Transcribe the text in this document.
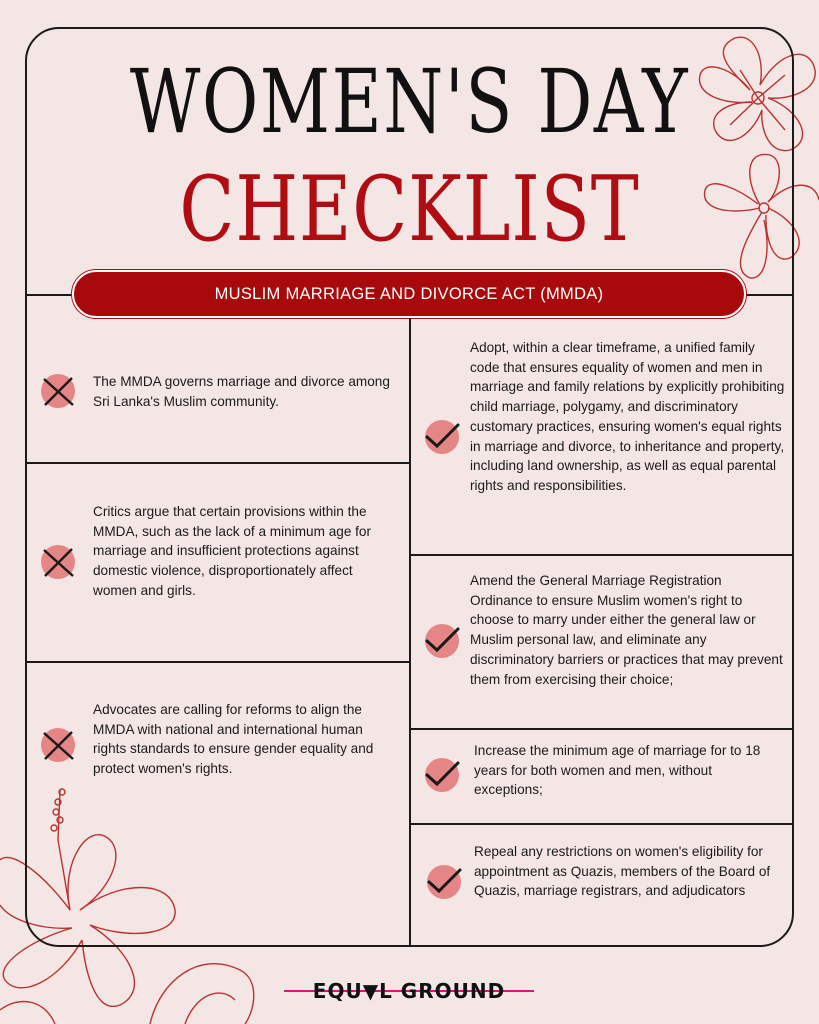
WOMEN'S DAY
CHECKLIST
MUSLIM MARRIAGE AND DIVORCE ACT (MMDA)
The MMDA governs marriage and divorce among Sri Lanka's Muslim community.
Critics argue that certain provisions within the MMDA, such as the lack of a minimum age for marriage and insufficient protections against domestic violence, disproportionately affect women and girls.
Advocates are calling for reforms to align the MMDA with national and international human rights standards to ensure gender equality and protect women's rights.
Adopt, within a clear timeframe, a unified family code that ensures equality of women and men in marriage and family relations by explicitly prohibiting child marriage, polygamy, and discriminatory customary practices, ensuring women's equal rights in marriage and divorce, to inheritance and property, including land ownership, as well as equal parental rights and responsibilities.
Amend the General Marriage Registration Ordinance to ensure Muslim women's right to choose to marry under either the general law or Muslim personal law, and eliminate any discriminatory barriers or practices that may prevent them from exercising their choice;
Increase the minimum age of marriage for to 18 years for both women and men, without exceptions;
Repeal any restrictions on women's eligibility for appointment as Quazis, members of the Board of Quazis, marriage registrars, and adjudicators
EQU▼L GROUND
